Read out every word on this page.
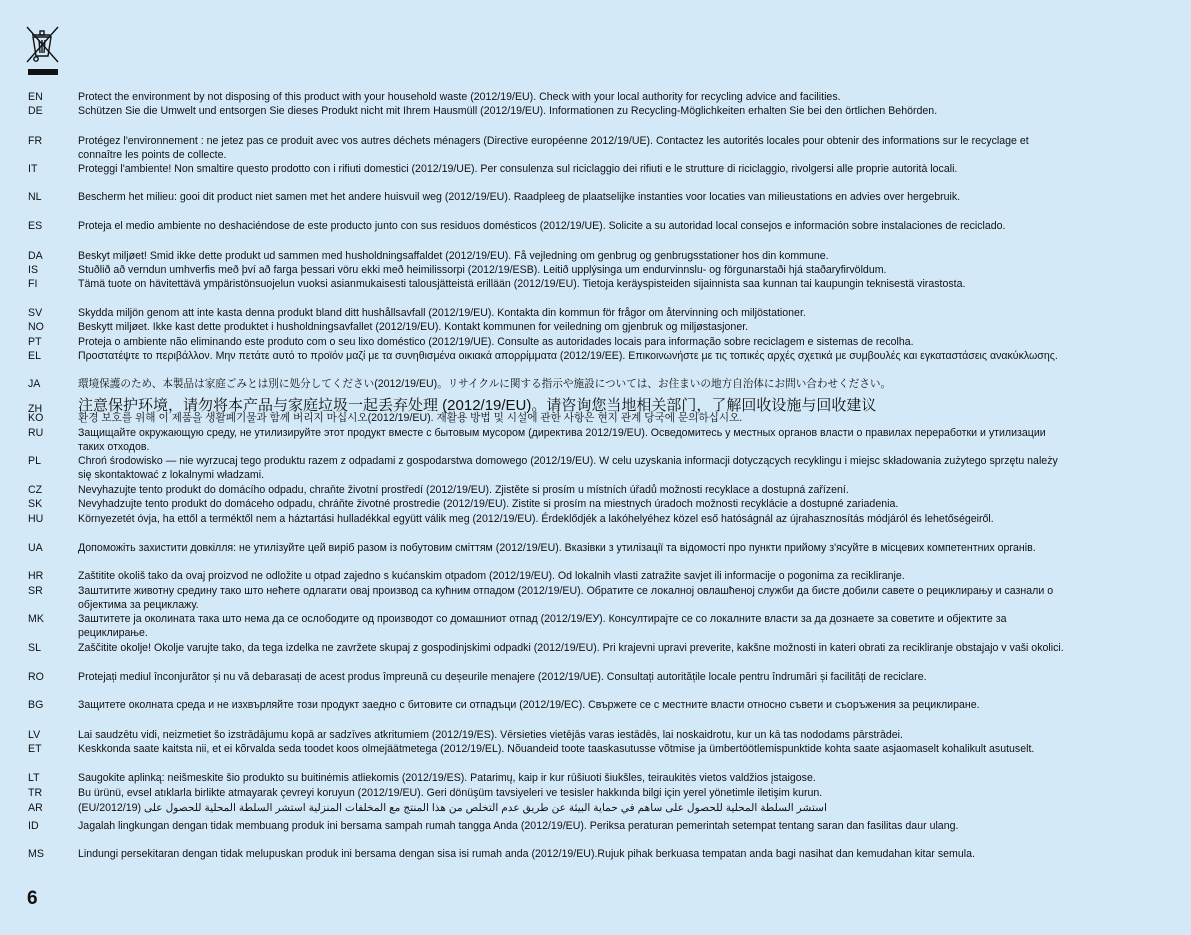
EN	Protect the environment by not disposing of this product with your household waste (2012/19/EU). Check with your local authority for recycling advice and facilities.
DE	Schützen Sie die Umwelt und entsorgen Sie dieses Produkt nicht mit Ihrem Hausmüll (2012/19/EU). Informationen zu Recycling-Möglichkeiten erhalten Sie bei den örtlichen Behörden.
FR	Protégez l'environnement : ne jetez pas ce produit avec vos autres déchets ménagers (Directive européenne 2012/19/UE). Contactez les autorités locales pour obtenir des informations sur le recyclage et connaître les points de collecte.
IT	Proteggi l'ambiente! Non smaltire questo prodotto con i rifiuti domestici (2012/19/UE). Per consulenza sul riciclaggio dei rifiuti e le strutture di riciclaggio, rivolgersi alle proprie autorità locali.
NL	Bescherm het milieu: gooi dit product niet samen met het andere huisvuil weg (2012/19/EU). Raadpleeg de plaatselijke instanties voor locaties van milieustations en advies over hergebruik.
ES	Proteja el medio ambiente no deshaciéndose de este producto junto con sus residuos domésticos (2012/19/UE). Solicite a su autoridad local consejos e información sobre instalaciones de reciclado.
DA	Beskyt miljøet! Smid ikke dette produkt ud sammen med husholdningsaffaldet (2012/19/EU). Få vejledning om genbrug og genbrugsstationer hos din kommune.
IS	Stuðlið að verndun umhverfis með því að farga þessari vöru ekki með heimilissorpi (2012/19/ESB). Leitið upplýsinga um endurvinnslu- og förgunarstaði hjá staðaryfirvöldum.
FI	Tämä tuote on hävitettävä ympäristönsuojelun vuoksi asianmukaisesti talousjätteistä erillään (2012/19/EU). Tietoja keräyspisteiden sijainnista saa kunnan tai kaupungin teknisestä virastosta.
SV	Skydda miljön genom att inte kasta denna produkt bland ditt hushållsavfall (2012/19/EU). Kontakta din kommun för frågor om återvinning och miljöstationer.
NO	Beskytt miljøet. Ikke kast dette produktet i husholdningsavfallet (2012/19/EU). Kontakt kommunen for veiledning om gjenbruk og miljøstasjoner.
PT	Proteja o ambiente não eliminando este produto com o seu lixo doméstico (2012/19/UE). Consulte as autoridades locais para informação sobre reciclagem e sistemas de recolha.
EL	Προστατέψτε το περιβάλλον. Μην πετάτε αυτό το προϊόν μαζί με τα συνηθισμένα οικιακά απορρίμματα (2012/19/ΕΕ). Επικοινωνήστε με τις τοπικές αρχές σχετικά με συμβουλές και εγκαταστάσεις ανακύκλωσης.
JA	環境保護のため、本製品は家庭ごみとは別に処分してください(2012/19/EU)。リサイクルに関する指示や施設については、お住まいの地方自治体にお問い合わせください。
ZH	注意保护环境，请勿将本产品与家庭垃圾一起丢弃处理 (2012/19/EU)。请咨询您当地相关部门，了解回收设施与回收建议
KO	환경 보호를 위해 이 제품을 생활폐기물과 함께 버리지 마십시오(2012/19/EU). 재활용 방법 및 시설에 관한 사항은 현지 관계 당국에 문의하십시오.
RU	Защищайте окружающую среду, не утилизируйте этот продукт вместе с бытовым мусором (директива 2012/19/EU). Осведомитесь у местных органов власти о правилах переработки и утилизации таких отходов.
PL	Chroń środowisko — nie wyrzucaj tego produktu razem z odpadami z gospodarstwa domowego (2012/19/EU). W celu uzyskania informacji dotyczących recyklingu i miejsc składowania zużytego sprzętu należy się skontaktować z lokalnymi władzami.
CZ	Nevyhazujte tento produkt do domácího odpadu, chraňte životní prostředí (2012/19/EU). Zjistěte si prosím u místních úřadů možnosti recyklace a dostupná zařízení.
SK	Nevyhadzujte tento produkt do domáceho odpadu, chráňte životné prostredie (2012/19/EU). Zistite si prosím na miestnych úradoch možnosti recyklácie a dostupné zariadenia.
HU	Környezetét óvja, ha ettől a terméktől nem a háztartási hulladékkal együtt válik meg (2012/19/EU). Érdeklődjék a lakóhelyéhez közel eső hatóságnál az újrahasznosítás módjáról és lehetőségeiről.
UA	Допоможіть захистити довкілля: не утилізуйте цей виріб разом із побутовим сміттям (2012/19/EU). Вказівки з утилізації та відомості про пункти прийому з'ясуйте в місцевих компетентних органів.
HR	Zaštitite okoliš tako da ovaj proizvod ne odložite u otpad zajedno s kućanskim otpadom (2012/19/EU). Od lokalnih vlasti zatražite savjet ili informacije o pogonima za recikliranje.
SR	Заштитите животну средину тако што нећете одлагати овај производ са кућним отпадом (2012/19/EU). Обратите се локалној овлашћеној служби да бисте добили савете о рециклирању и сазнали о објектима за рециклажу.
MK	Заштитете ја околината така што нема да се ослободите од производот со домашниот отпад (2012/19/ЕУ). Консултирајте се со локалните власти за да дознаете за советите и објектите за рециклирање.
SL	Zaščitite okolje! Okolje varujte tako, da tega izdelka ne zavržete skupaj z gospodinjskimi odpadki (2012/19/EU). Pri krajevni upravi preverite, kakšne možnosti in kateri obrati za recikliranje obstajajo v vaši okolici.
RO	Protejați mediul înconjurător și nu vă debarasați de acest produs împreună cu deșeurile menajere (2012/19/UE). Consultați autoritățile locale pentru îndrumări și facilități de reciclare.
BG	Защитете околната среда и не изхвърляйте този продукт заедно с битовите си отпадъци (2012/19/ЕС). Свържете се с местните власти относно съвети и съоръжения за рециклиране.
LV	Lai saudzētu vidi, neizmetiet šo izstrādājumu kopā ar sadzīves atkritumiem (2012/19/ES). Vērsieties vietējās varas iestādēs, lai noskaidrotu, kur un kā tas nododams pārstrādei.
ET	Keskkonda saate kaitsta nii, et ei kõrvalda seda toodet koos olmejäätmetega (2012/19/EL). Nõuandeid toote taaskasutusse võtmise ja ümbertöötlemispunktide kohta saate asjaomaselt kohalikult asutuselt.
LT	Saugokite aplinką: neišmeskite šio produkto su buitinėmis atliekomis (2012/19/ES). Patarimų, kaip ir kur rūšiuoti šiukšles, teiraukitės vietos valdžios įstaigose.
TR	Bu ürünü, evsel atıklarla birlikte atmayarak çevreyi koruyun (2012/19/EU). Geri dönüşüm tavsiyeleri ve tesisler hakkında bilgi için yerel yönetimle iletişim kurun.
AR	استشر السلطة المحلية للحصول على ساهم في حماية البيئة عن طريق عدم التخلص من هذا المنتج مع المخلفات المنزلية استشر السلطة المحلية للحصول على (2012/19/EU)
ID	Jagalah lingkungan dengan tidak membuang produk ini bersama sampah rumah tangga Anda (2012/19/EU). Periksa peraturan pemerintah setempat tentang saran dan fasilitas daur ulang.
MS	Lindungi persekitaran dengan tidak melupuskan produk ini bersama dengan sisa isi rumah anda (2012/19/EU).Rujuk pihak berkuasa tempatan anda bagi nasihat dan kemudahan kitar semula.
6
